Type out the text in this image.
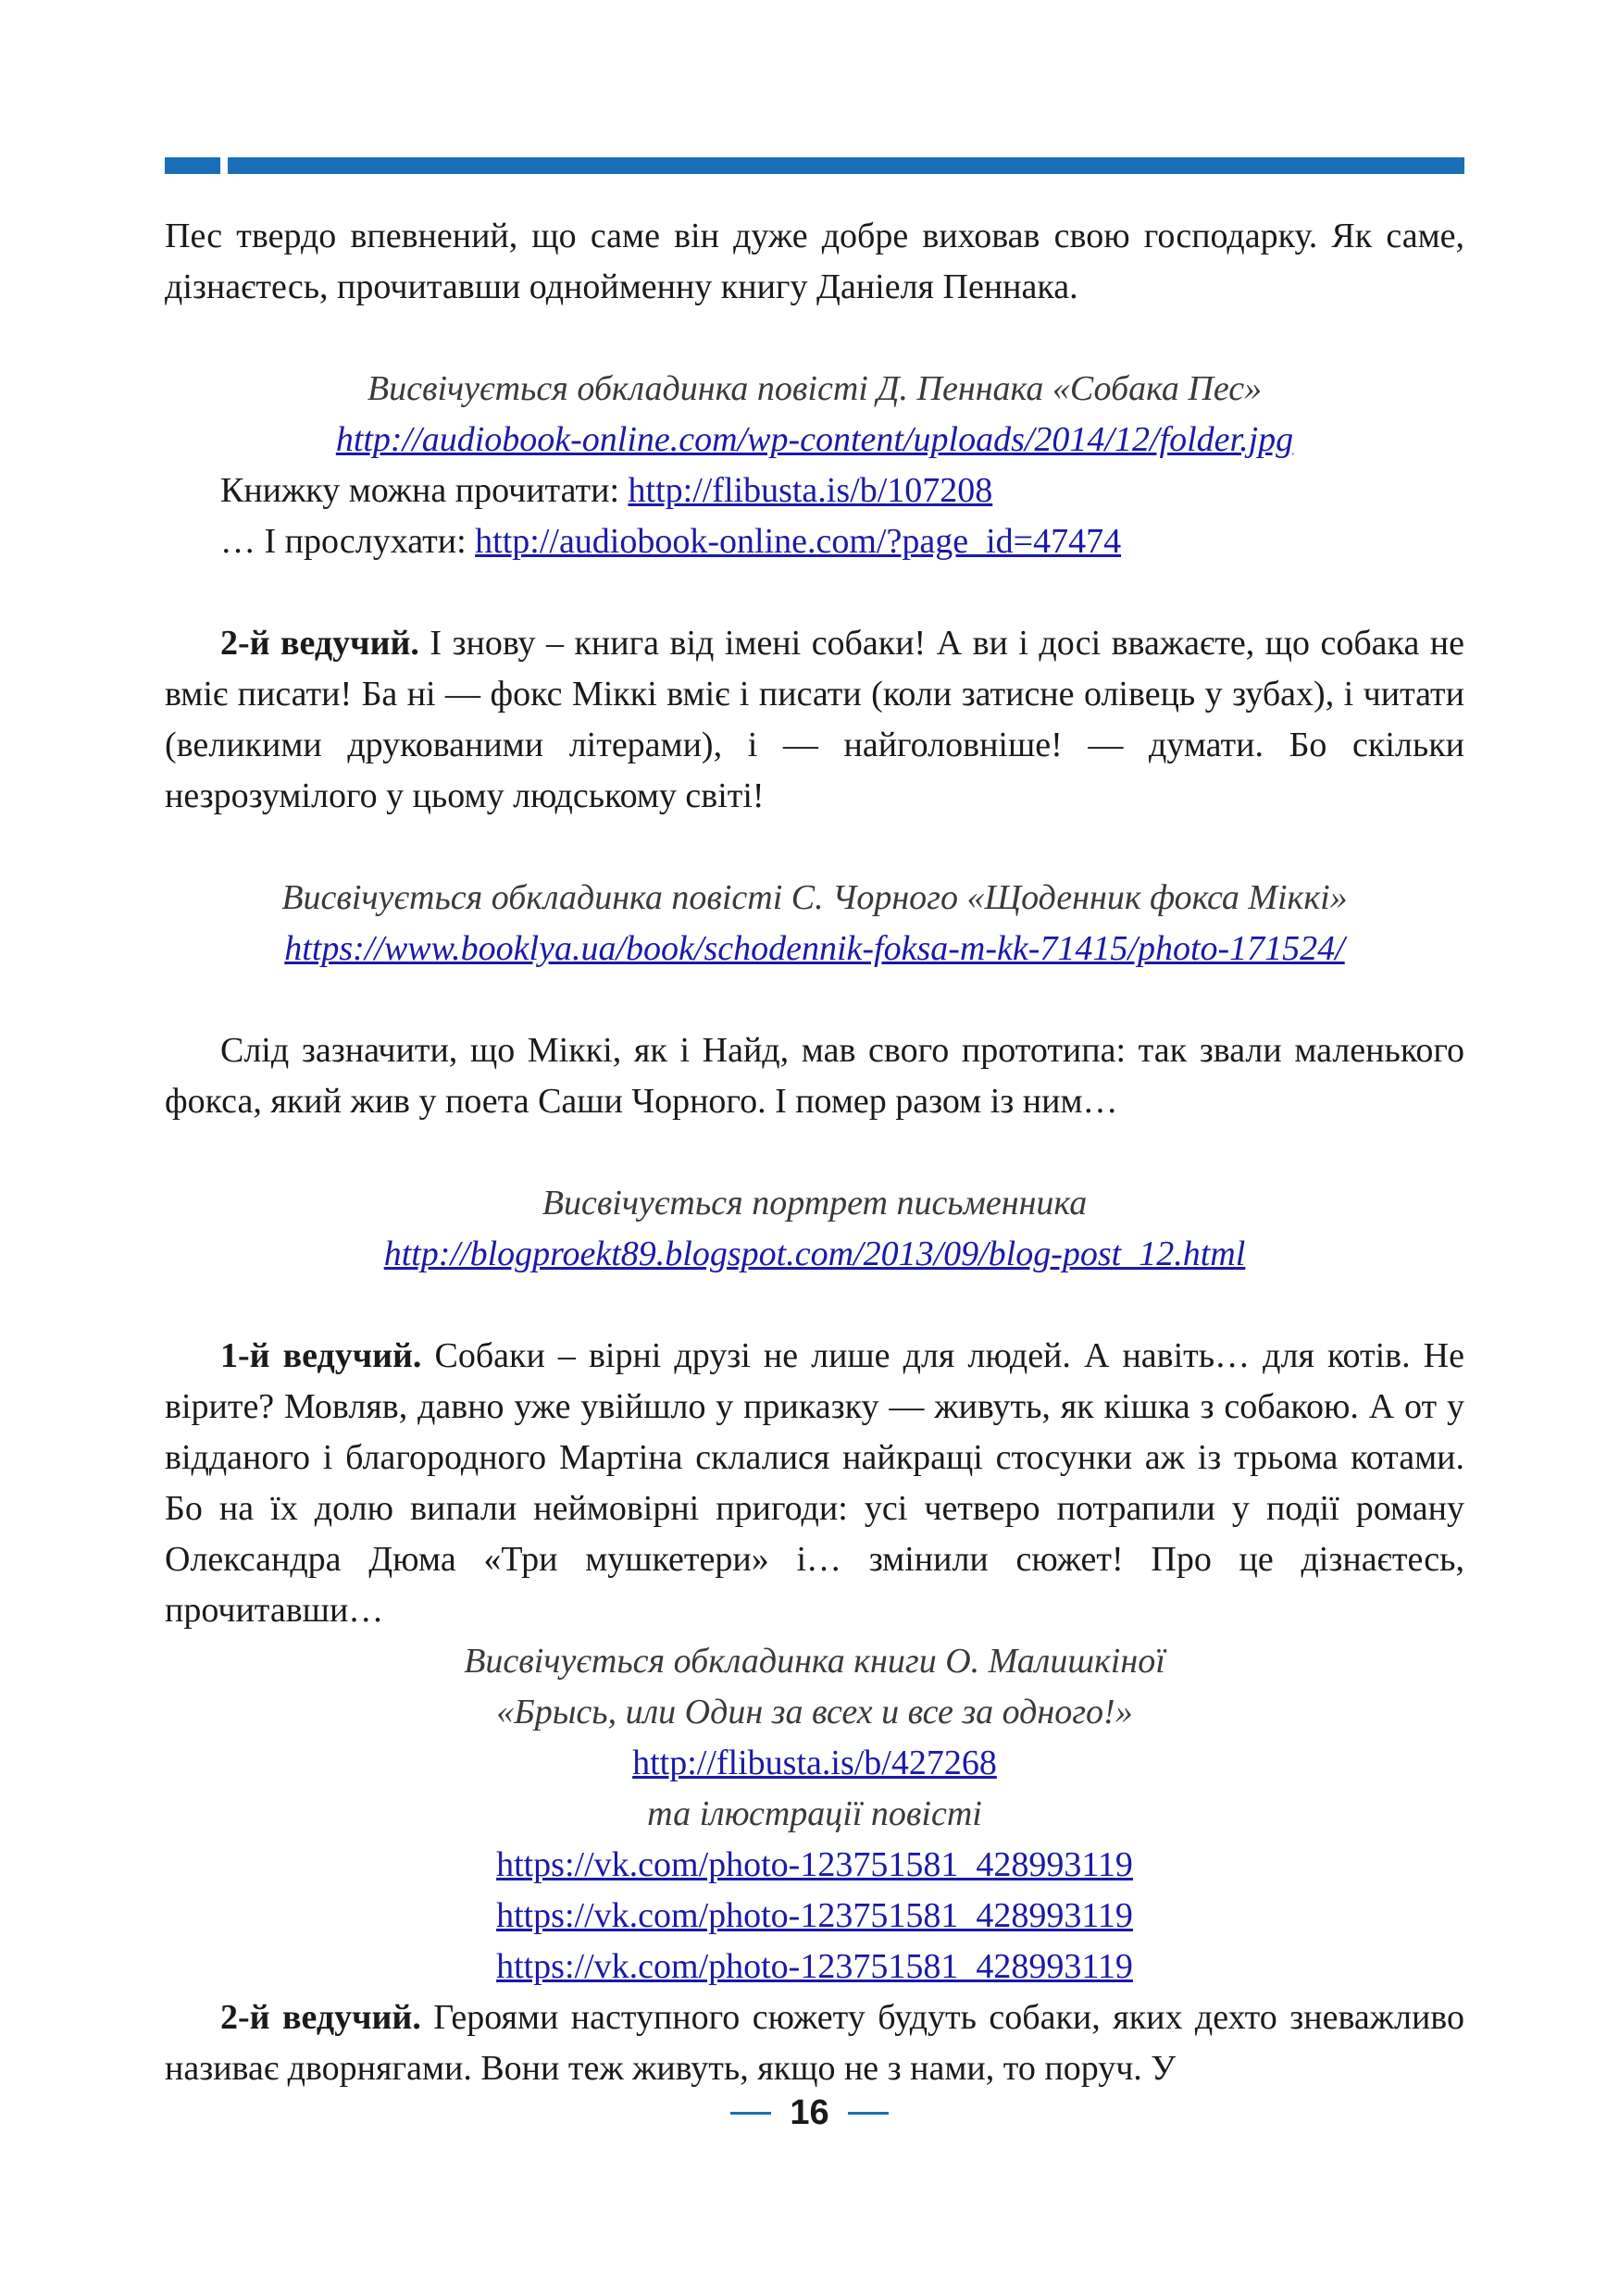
Пес твердо впевнений, що саме він дуже добре виховав свою господарку. Як саме, дізнаєтесь, прочитавши однойменну книгу Даніеля Пеннака.

Висвічується обкладинка повісті Д. Пеннака «Собака Пес»

http://audiobook-online.com/wp-content/uploads/2014/12/folder.jpg

Книжку можна прочитати: http://flibusta.is/b/107208

… І прослухати: http://audiobook-online.com/?page_id=47474

2-й ведучий. І знову – книга від імені собаки! А ви і досі вважаєте, що собака не вміє писати! Ба ні — фокс Міккі вміє і писати (коли затисне олівець у зубах), і читати (великими друкованими літерами), і — найголовніше! — думати. Бо скільки незрозумілого у цьому людському світі!

Висвічується обкладинка повісті С. Чорного «Щоденник фокса Міккі»

https://www.booklya.ua/book/schodennik-foksa-m-kk-71415/photo-171524/

Слід зазначити, що Міккі, як і Найд, мав свого прототипа: так звали маленького фокса, який жив у поета Саши Чорного. І помер разом із ним…

Висвічується портрет письменника

http://blogproekt89.blogspot.com/2013/09/blog-post_12.html

1-й ведучий. Собаки – вірні друзі не лише для людей. А навіть… для котів. Не вірите? Мовляв, давно уже увійшло у приказку — живуть, як кішка з собакою. А от у відданого і благородного Мартіна склалися найкращі стосунки аж із трьома котами. Бо на їх долю випали неймовірні пригоди: усі четверо потрапили у події роману Олександра Дюма «Три мушкетери» і… змінили сюжет! Про це дізнаєтесь, прочитавши…

Висвічується обкладинка книги О. Малишкіної

«Брысь, или Один за всех и все за одного!»

http://flibusta.is/b/427268

та ілюстрації повісті

https://vk.com/photo-123751581_428993119

https://vk.com/photo-123751581_428993119

https://vk.com/photo-123751581_428993119

2-й ведучий. Героями наступного сюжету будуть собаки, яких дехто зневажливо називає дворнягами. Вони теж живуть, якщо не з нами, то поруч. У

16
